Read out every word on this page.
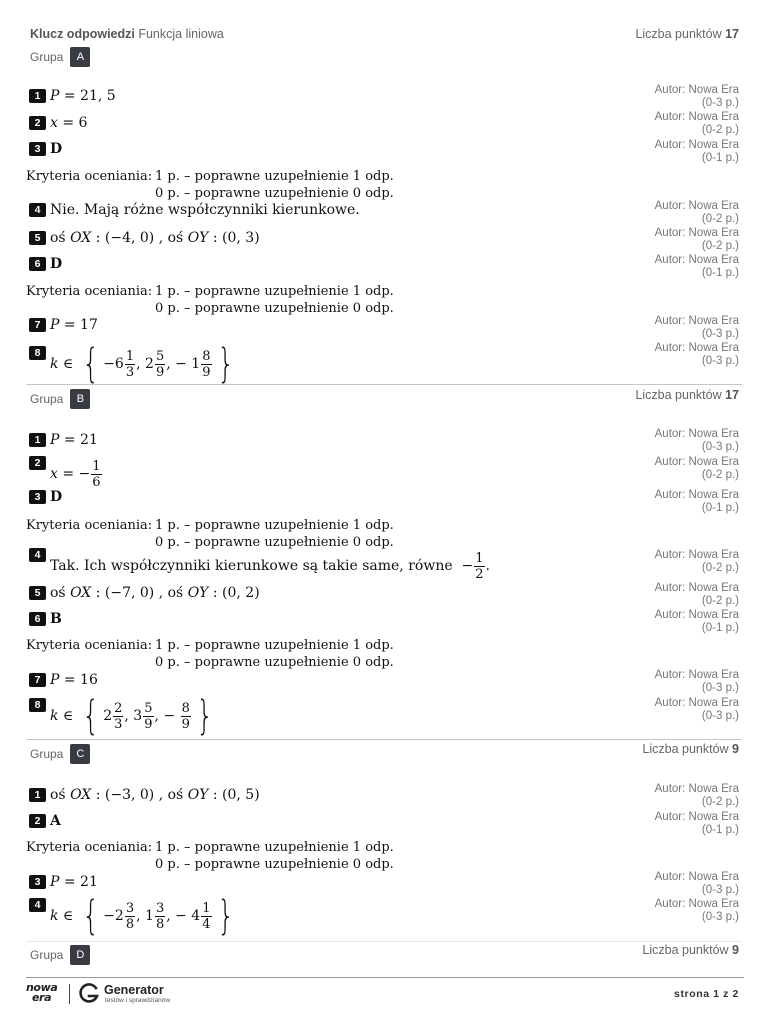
Klucz odpowiedzi Funkcja liniowa	Liczba punktów 17
Grupa	A
Grupa	B	Liczba punktów 17
Grupa	C	Liczba punktów 9
Grupa	D	Liczba punktów 9
1 P = 21, 5	Autor: Nowa Era
(0-3 p.)
2 x = 6	Autor: Nowa Era
(0-2 p.)
3 D	Autor: Nowa Era
(0-1 p.)
Kryteria oceniania: 1 p. – poprawne uzupełnienie 1 odp.
0 p. – poprawne uzupełnienie 0 odp.
4 Nie. Mają różne współczynniki kierunkowe.	Autor: Nowa Era
(0-2 p.)
5 oś OX : (−4, 0) , oś OY : (0, 3)	Autor: Nowa Era
(0-2 p.)
6 D	Autor: Nowa Era
(0-1 p.)
Kryteria oceniania: 1 p. – poprawne uzupełnienie 1 odp.
0 p. – poprawne uzupełnienie 0 odp.
7 P = 17	Autor: Nowa Era
(0-3 p.)
8
k ∈ { $-6 \frac{1}{3}$ , $2 \frac{5}{9}$ , − $1 \frac{8}{9}$ }	Autor: Nowa Era
(0-3 p.)
1 P = 21	Autor: Nowa Era
(0-3 p.)
2
x = − $\frac{1}{6}$	Autor: Nowa Era
(0-2 p.)
3 D	Autor: Nowa Era
(0-1 p.)
Kryteria oceniania: 1 p. – poprawne uzupełnienie 1 odp.
0 p. – poprawne uzupełnienie 0 odp.
4
Tak. Ich współczynniki kierunkowe są takie same, równe  − $\frac{1}{2}$ .
Autor: Nowa Era
(0-2 p.)
5 oś OX : (−7, 0) , oś OY : (0, 2)	Autor: Nowa Era
(0-2 p.)
6 B	Autor: Nowa Era
(0-1 p.)
Kryteria oceniania: 1 p. – poprawne uzupełnienie 1 odp.
0 p. – poprawne uzupełnienie 0 odp.
7 P = 16	Autor: Nowa Era
(0-3 p.)
8
k ∈ { $2 \frac{2}{3}$ , $3 \frac{5}{9}$ , − $\frac{8}{9}$ }	Autor: Nowa Era
(0-3 p.)
1 oś OX : (−3, 0) , oś OY : (0, 5)	Autor: Nowa Era
(0-2 p.)
2 A	Autor: Nowa Era
(0-1 p.)
Kryteria oceniania: 1 p. – poprawne uzupełnienie 1 odp.
0 p. – poprawne uzupełnienie 0 odp.
3 P = 21	Autor: Nowa Era
(0-3 p.)
4
k ∈ { $-2 \frac{3}{8}$ , $1 \frac{3}{8}$ , − $4 \frac{1}{4}$ }	Autor: Nowa Era
(0-3 p.)
nowa
era
Generator
testów i sprawdzianów
strona 1 z 2
